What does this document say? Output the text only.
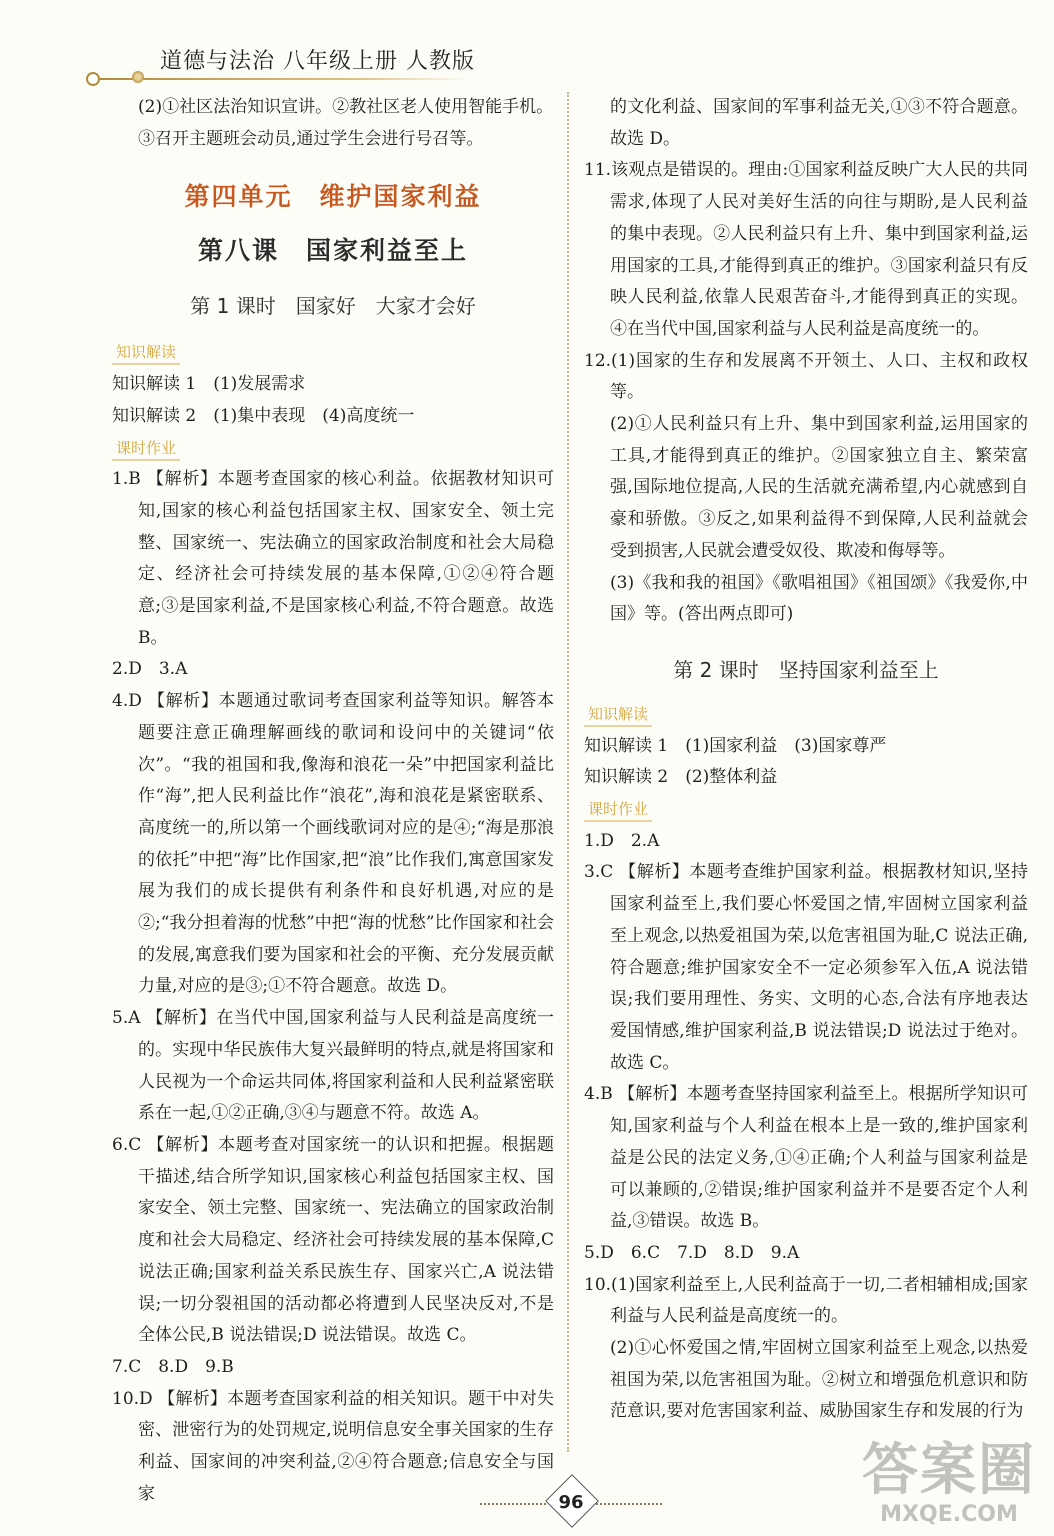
道德与法治 八年级上册 人教版

(2)①社区法治知识宣讲。②教社区老人使用智能手机。

③召开主题班会动员,通过学生会进行号召等。

第四单元　维护国家利益
第八课　国家利益至上
第 1 课时　国家好　大家才会好
知识解读

知识解读 1　(1)发展需求

知识解读 2　(1)集中表现　(4)高度统一

课时作业

1.B 【解析】本题考查国家的核心利益。依据教材知识可知,国家的核心利益包括国家主权、国家安全、领土完整、国家统一、宪法确立的国家政治制度和社会大局稳定、经济社会可持续发展的基本保障,①②④符合题意;③是国家利益,不是国家核心利益,不符合题意。故选 B。

2.D　3.A

4.D 【解析】本题通过歌词考查国家利益等知识。解答本题要注意正确理解画线的歌词和设问中的关键词“依次”。“我的祖国和我,像海和浪花一朵”中把国家利益比作“海”,把人民利益比作“浪花”,海和浪花是紧密联系、高度统一的,所以第一个画线歌词对应的是④;“海是那浪的依托”中把“海”比作国家,把“浪”比作我们,寓意国家发展为我们的成长提供有利条件和良好机遇,对应的是②;“我分担着海的忧愁”中把“海的忧愁”比作国家和社会的发展,寓意我们要为国家和社会的平衡、充分发展贡献力量,对应的是③;①不符合题意。故选 D。

5.A 【解析】在当代中国,国家利益与人民利益是高度统一的。实现中华民族伟大复兴最鲜明的特点,就是将国家和人民视为一个命运共同体,将国家利益和人民利益紧密联系在一起,①②正确,③④与题意不符。故选 A。

6.C 【解析】本题考查对国家统一的认识和把握。根据题干描述,结合所学知识,国家核心利益包括国家主权、国家安全、领土完整、国家统一、宪法确立的国家政治制度和社会大局稳定、经济社会可持续发展的基本保障,C 说法正确;国家利益关系民族生存、国家兴亡,A 说法错误;一切分裂祖国的活动都必将遭到人民坚决反对,不是全体公民,B 说法错误;D 说法错误。故选 C。

7.C　8.D　9.B

10.D 【解析】本题考查国家利益的相关知识。题干中对失密、泄密行为的处罚规定,说明信息安全事关国家的生存利益、国家间的冲突利益,②④符合题意;信息安全与国家

的文化利益、国家间的军事利益无关,①③不符合题意。故选 D。

11.该观点是错误的。理由:①国家利益反映广大人民的共同需求,体现了人民对美好生活的向往与期盼,是人民利益的集中表现。②人民利益只有上升、集中到国家利益,运用国家的工具,才能得到真正的维护。③国家利益只有反映人民利益,依靠人民艰苦奋斗,才能得到真正的实现。④在当代中国,国家利益与人民利益是高度统一的。

12.(1)国家的生存和发展离不开领土、人口、主权和政权等。

(2)①人民利益只有上升、集中到国家利益,运用国家的工具,才能得到真正的维护。②国家独立自主、繁荣富强,国际地位提高,人民的生活就充满希望,内心就感到自豪和骄傲。③反之,如果利益得不到保障,人民利益就会受到损害,人民就会遭受奴役、欺凌和侮辱等。

(3)《我和我的祖国》《歌唱祖国》《祖国颂》《我爱你,中国》等。(答出两点即可)

第 2 课时　坚持国家利益至上
知识解读

知识解读 1　(1)国家利益　(3)国家尊严

知识解读 2　(2)整体利益

课时作业

1.D　2.A

3.C 【解析】本题考查维护国家利益。根据教材知识,坚持国家利益至上,我们要心怀爱国之情,牢固树立国家利益至上观念,以热爱祖国为荣,以危害祖国为耻,C 说法正确,符合题意;维护国家安全不一定必须参军入伍,A 说法错误;我们要用理性、务实、文明的心态,合法有序地表达爱国情感,维护国家利益,B 说法错误;D 说法过于绝对。故选 C。

4.B 【解析】本题考查坚持国家利益至上。根据所学知识可知,国家利益与个人利益在根本上是一致的,维护国家利益是公民的法定义务,①④正确;个人利益与国家利益是可以兼顾的,②错误;维护国家利益并不是要否定个人利益,③错误。故选 B。

5.D　6.C　7.D　8.D　9.A

10.(1)国家利益至上,人民利益高于一切,二者相辅相成;国家利益与人民利益是高度统一的。

(2)①心怀爱国之情,牢固树立国家利益至上观念,以热爱祖国为荣,以危害祖国为耻。②树立和增强危机意识和防范意识,要对危害国家利益、威胁国家生存和发展的行为

96	答案圈
MXQE.COM
